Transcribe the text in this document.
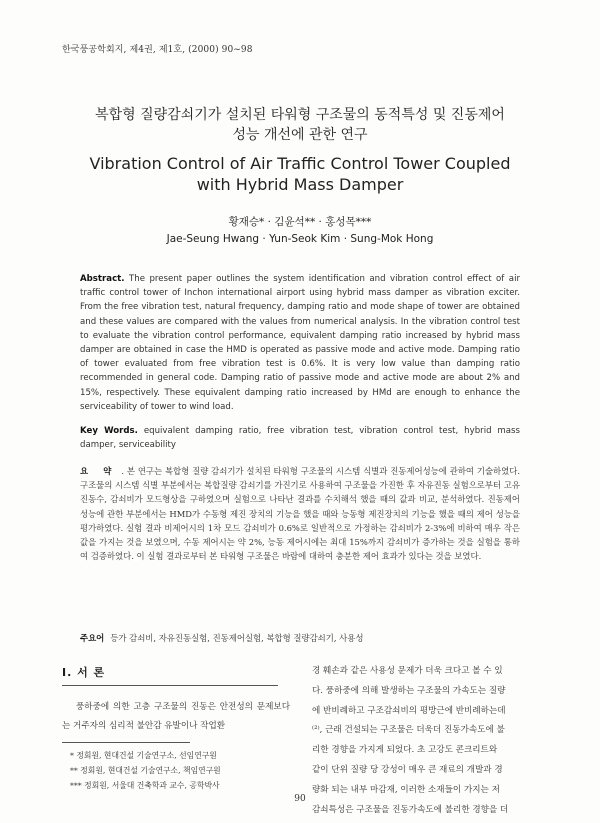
한국풍공학회지, 제4권, 제1호, (2000) 90~98
복합형 질량감쇠기가 설치된 타워형 구조물의 동적특성 및 진동제어
성능 개선에 관한 연구
Vibration Control of Air Traffic Control Tower Coupled
with Hybrid Mass Damper
황재승* · 김윤석** · 홍성목***
Jae-Seung Hwang · Yun-Seok Kim · Sung-Mok Hong
Abstract. The present paper outlines the system identification and vibration control effect of air traffic control tower of Inchon international airport using hybrid mass damper as vibration exciter. From the free vibration test, natural frequency, damping ratio and mode shape of tower are obtained and these values are compared with the values from numerical analysis. In the vibration control test to evaluate the vibration control performance, equivalent damping ratio increased by hybrid mass damper are obtained in case the HMD is operated as passive mode and active mode. Damping ratio of tower evaluated from free vibration test is 0.6%. It is very low value than damping ratio recommended in general code. Damping ratio of passive mode and active mode are about 2% and 15%, respectively. These equivalent damping ratio increased by HMd are enough to enhance the serviceability of tower to wind load.
Key Words. equivalent damping ratio, free vibration test, vibration control test, hybrid mass damper, serviceability
요 약 . 본 연구는 복합형 질량 감쇠기가 설치된 타워형 구조물의 시스템 식별과 진동제어성능에 관하여 기술하였다. 구조물의 시스템 식별 부분에서는 복합질량 감쇠기를 가진기로 사용하여 구조물을 가진한 후 자유진동 실험으로부터 고유진동수, 감쇠비가 모드형상을 구하였으며 실험으로 나타난 결과를 수치해석 했을 때의 값과 비교, 분석하였다. 진동제어 성능에 관한 부분에서는 HMD가 수동형 제진 장치의 기능을 했을 때와 능동형 제진장치의 기능을 했을 때의 제어 성능을 평가하였다. 실험 결과 비제어시의 1차 모드 감쇠비가 0.6%로 일반적으로 가정하는 감쇠비가 2-3%에 비하여 매우 작은 값을 가지는 것을 보였으며, 수동 제어시는 약 2%, 능동 제어시에는 최대 15%까지 감쇠비가 증가하는 것을 실험을 통하여 검증하였다. 이 실험 결과로부터 본 타워형 구조물은 바람에 대하여 충분한 제어 효과가 있다는 것을 보였다.
주요어 등가 감쇠비, 자유진동실험, 진동제어실험, 복합형 질량감쇠기, 사용성
I. 서 론
풍하중에 의한 고층 구조물의 진동은 안전성의 문제보다는 거주자의 심리적 불안감 유발이나 작업환
경 훼손과 같은 사용성 문제가 더욱 크다고 볼 수 있
다. 풍하중에 의해 발생하는 구조물의 가속도는 질량
에 반비례하고 구조감쇠비의 평방근에 반비례하는데
⁽²⁾, 근래 건설되는 구조물은 더욱더 진동가속도에 불
리한 경향을 가지게 되었다. 초 고강도 콘크리트와
같이 단위 질량 당 강성이 매우 큰 재료의 개발과 경
량화 되는 내부 마감재, 이러한 소재들이 가지는 저
감쇠특성은 구조물을 진동가속도에 불리한 경향을 더
* 정회원, 현대건설 기술연구소, 선임연구원
** 정회원, 현대건설 기술연구소, 책임연구원
*** 정회원, 서울대 건축학과 교수, 공학박사
90
